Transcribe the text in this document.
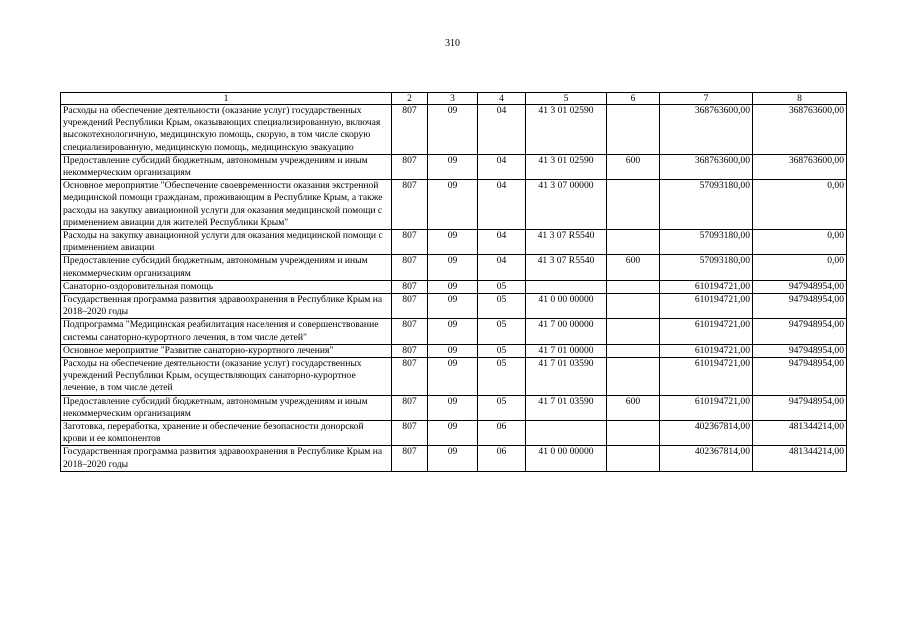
310
1	2	3	4	5	6	7	8
Расходы на обеспечение деятельности (оказание услуг) государственных учреждений Республики Крым, оказывающих специализированную, включая высокотехнологичную, медицинскую помощь, скорую, в том числе скорую специализированную, медицинскую помощь, медицинскую эвакуацию	807	09	04	41 3 01 02590		368763600,00	368763600,00
Предоставление субсидий бюджетным, автономным учреждениям и иным некоммерческим организациям	807	09	04	41 3 01 02590	600	368763600,00	368763600,00
Основное мероприятие "Обеспечение своевременности оказания экстренной медицинской помощи гражданам, проживающим в Республике Крым, а также расходы на закупку авиационной услуги для оказания медицинской помощи с применением авиации для жителей Республики Крым"	807	09	04	41 3 07 00000		57093180,00	0,00
Расходы на закупку авиационной услуги для оказания медицинской помощи с применением авиации	807	09	04	41 3 07 R5540		57093180,00	0,00
Предоставление субсидий бюджетным, автономным учреждениям и иным некоммерческим организациям	807	09	04	41 3 07 R5540	600	57093180,00	0,00
Санаторно-оздоровительная помощь	807	09	05			610194721,00	947948954,00
Государственная программа развития здравоохранения в Республике Крым на 2018–2020 годы	807	09	05	41 0 00 00000		610194721,00	947948954,00
Подпрограмма "Медицинская реабилитация населения и совершенствование системы санаторно-курортного лечения, в том числе детей"	807	09	05	41 7 00 00000		610194721,00	947948954,00
Основное мероприятие "Развитие санаторно-курортного лечения"	807	09	05	41 7 01 00000		610194721,00	947948954,00
Расходы на обеспечение деятельности (оказание услуг) государственных учреждений Республики Крым, осуществляющих санаторно-курортное лечение, в том числе детей	807	09	05	41 7 01 03590		610194721,00	947948954,00
Предоставление субсидий бюджетным, автономным учреждениям и иным некоммерческим организациям	807	09	05	41 7 01 03590	600	610194721,00	947948954,00
Заготовка, переработка, хранение и обеспечение безопасности донорской крови и ее компонентов	807	09	06			402367814,00	481344214,00
Государственная программа развития здравоохранения в Республике Крым на 2018–2020 годы	807	09	06	41 0 00 00000		402367814,00	481344214,00
